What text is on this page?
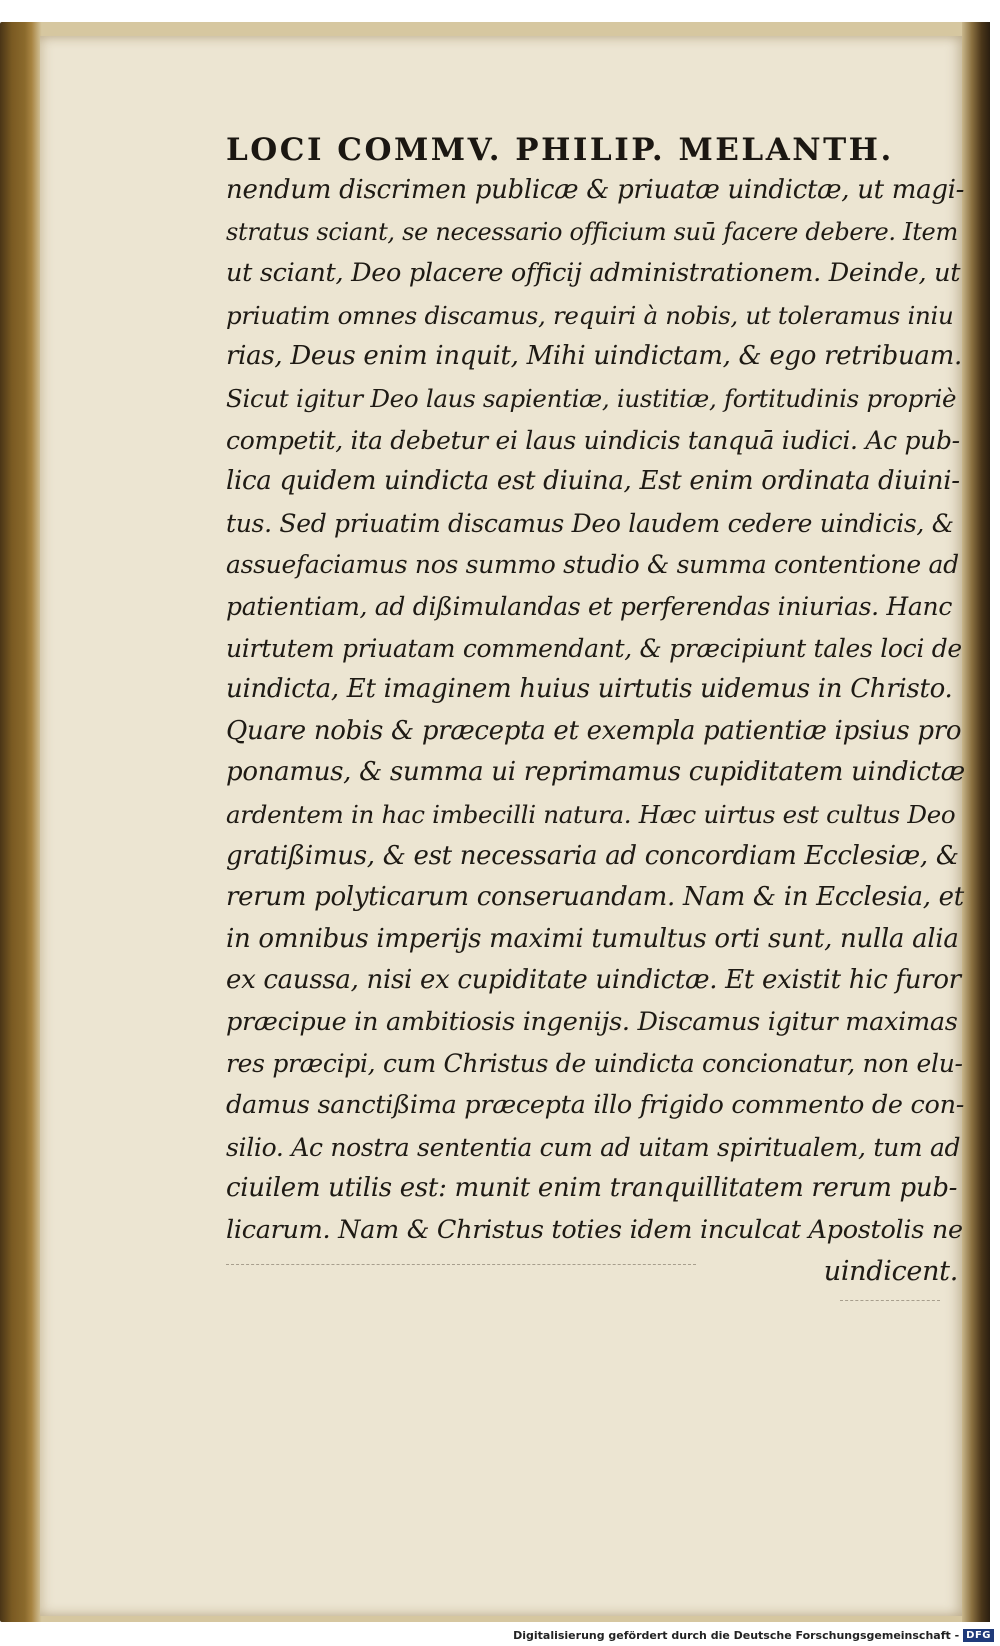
LOCI COMMV. PHILIP. MELANTH.
nendum discrimen publicæ & priuatæ uindictæ, ut magi-
stratus sciant, se necessario officium suū facere debere. Item
ut sciant, Deo placere officij administrationem. Deinde, ut
priuatim omnes discamus, requiri à nobis, ut toleramus iniu
rias, Deus enim inquit, Mihi uindictam, & ego retribuam.
Sicut igitur Deo laus sapientiæ, iustitiæ, fortitudinis propriè
competit, ita debetur ei laus uindicis tanquā iudici. Ac pub-
lica quidem uindicta est diuina, Est enim ordinata diuini-
tus. Sed priuatim discamus Deo laudem cedere uindicis, &
assuefaciamus nos summo studio & summa contentione ad
patientiam, ad dißimulandas et perferendas iniurias. Hanc
uirtutem priuatam commendant, & præcipiunt tales loci de
uindicta, Et imaginem huius uirtutis uidemus in Christo.
Quare nobis & præcepta et exempla patientiæ ipsius pro
ponamus, & summa ui reprimamus cupiditatem uindictæ
ardentem in hac imbecilli natura. Hæc uirtus est cultus Deo
gratißimus, & est necessaria ad concordiam Ecclesiæ, &
rerum polyticarum conseruandam. Nam & in Ecclesia, et
in omnibus imperijs maximi tumultus orti sunt, nulla alia
ex caussa, nisi ex cupiditate uindictæ. Et existit hic furor
præcipue in ambitiosis ingenijs. Discamus igitur maximas
res præcipi, cum Christus de uindicta concionatur, non elu-
damus sanctißima præcepta illo frigido commento de con-
silio. Ac nostra sententia cum ad uitam spiritualem, tum ad
ciuilem utilis est: munit enim tranquillitatem rerum pub-
licarum. Nam & Christus toties idem inculcat Apostolis ne
uindicent.
Digitalisierung gefördert durch die Deutsche Forschungsgemeinschaft - DFG
